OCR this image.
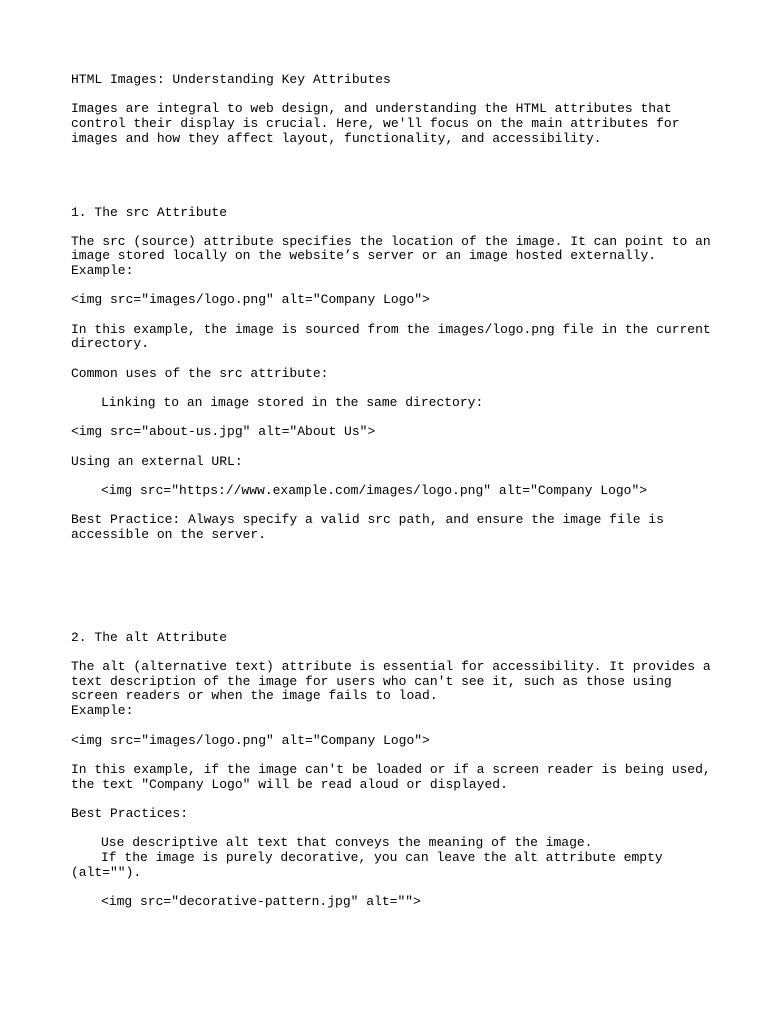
HTML Images: Understanding Key Attributes

Images are integral to web design, and understanding the HTML attributes that

control their display is crucial. Here, we'll focus on the main attributes for

images and how they affect layout, functionality, and accessibility.

1. The src Attribute

The src (source) attribute specifies the location of the image. It can point to an

image stored locally on the website’s server or an image hosted externally.

Example:

<img src="images/logo.png" alt="Company Logo">

In this example, the image is sourced from the images/logo.png file in the current

directory.

Common uses of the src attribute:

Linking to an image stored in the same directory:

<img src="about-us.jpg" alt="About Us">

Using an external URL:

<img src="https://www.example.com/images/logo.png" alt="Company Logo">

Best Practice: Always specify a valid src path, and ensure the image file is

accessible on the server.

2. The alt Attribute

The alt (alternative text) attribute is essential for accessibility. It provides a

text description of the image for users who can't see it, such as those using

screen readers or when the image fails to load.

Example:

<img src="images/logo.png" alt="Company Logo">

In this example, if the image can't be loaded or if a screen reader is being used,

the text "Company Logo" will be read aloud or displayed.

Best Practices:

Use descriptive alt text that conveys the meaning of the image.

If the image is purely decorative, you can leave the alt attribute empty

(alt="").

<img src="decorative-pattern.jpg" alt="">
